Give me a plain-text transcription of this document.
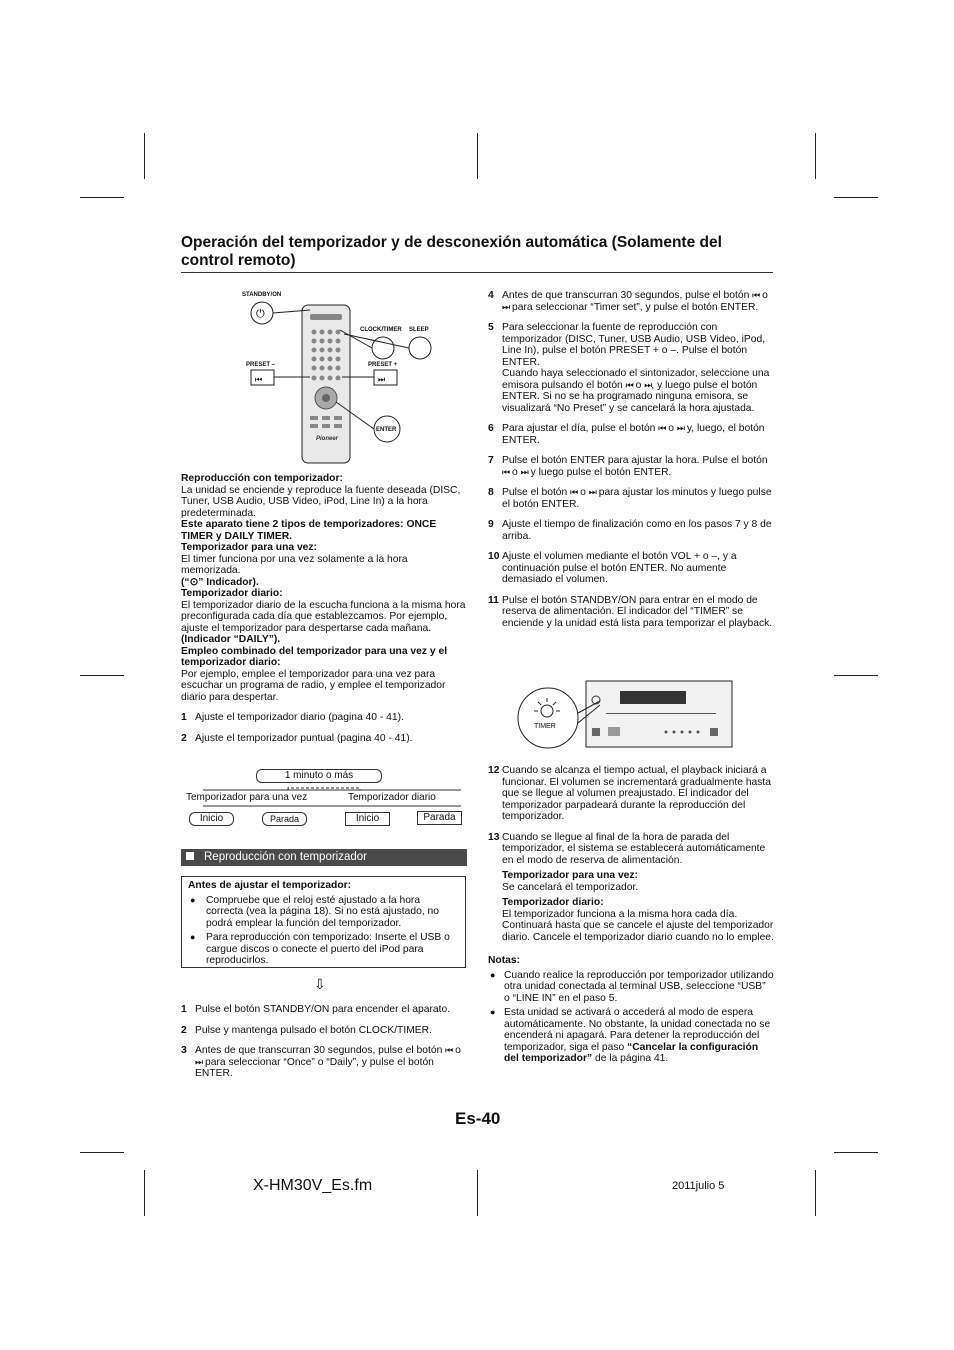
Operación del temporizador y de desconexión automática (Solamente del control remoto)
Pioneer
⏻
⏮	⏭
STANDBY/ON
CLOCK/TIMER SLEEP
PRESET –	PRESET +
ENTER

Reproducción con temporizador:

La unidad se enciende y reproduce la fuente deseada (DISC, Tuner, USB Audio, USB Video, iPod, Line In) a la hora predeterminada.

Este aparato tiene 2 tipos de temporizadores: ONCE TIMER y DAILY TIMER.

Temporizador para una vez:

El timer funciona por una vez solamente a la hora memorizada.

(“⊙” Indicador).

Temporizador diario:

El temporizador diario de la escucha funciona a la misma hora preconfigurada cada día que establezcamos. Por ejemplo, ajuste el temporizador para despertarse cada mañana.

(Indicador “DAILY”).

Empleo combinado del temporizador para una vez y el temporizador diario:

Por ejemplo, emplee el temporizador para una vez para escuchar un programa de radio, y emplee el temporizador diario para despertar.

1 Ajuste el temporizador diario (pagina 40 - 41).
2 Ajuste el temporizador puntual (pagina 40 - 41).
1 minuto o más
Temporizador para una vez	Temporizador diario
Inicio	Parada	Inicio	Parada
Reproducción con temporizador

Antes de ajustar el temporizador:

● Compruebe que el reloj esté ajustado a la hora correcta (vea la página 18). Si no está ajustado, no podrá emplear la función del temporizador.
● Para reproducción con temporizado: Inserte el USB o cargue discos o conecte el puerto del iPod para reproducirlos.
⇩
1 Pulse el botón STANDBY/ON para encender el aparato.
2 Pulse y mantenga pulsado el botón CLOCK/TIMER.
3 Antes de que transcurran 30 segundos, pulse el botón ⏮ o ⏭ para seleccionar “Once” o “Daily”, y pulse el botón ENTER.
4 Antes de que transcurran 30 segundos, pulse el botón ⏮ o ⏭ para seleccionar “Timer set”, y pulse el botón ENTER.
5 Para seleccionar la fuente de reproducción con temporizador (DISC, Tuner, USB Audio, USB Video, iPod, Line In), pulse el botón PRESET + o –. Pulse el botón ENTER.
Cuando haya seleccionado el sintonizador, seleccione una emisora pulsando el botón ⏮ o ⏭, y luego pulse el botón ENTER. Si no se ha programado ninguna emisora, se visualizará “No Preset” y se cancelará la hora ajustada.
6 Para ajustar el día, pulse el botón ⏮ o ⏭ y, luego, el botón ENTER.
7 Pulse el botón ENTER para ajustar la hora. Pulse el botón ⏮ o ⏭ y luego pulse el botón ENTER.
8 Pulse el botón ⏮ o ⏭ para ajustar los minutos y luego pulse el botón ENTER.
9 Ajuste el tiempo de finalización como en los pasos 7 y 8 de arriba.
10 Ajuste el volumen mediante el botón VOL + o –, y a continuación pulse el botón ENTER. No aumente demasiado el volumen.
11 Pulse el botón STANDBY/ON para entrar en el modo de reserva de alimentación. El indicador del “TIMER” se enciende y la unidad está lista para temporizar el playback.
TIMER
12 Cuando se alcanza el tiempo actual, el playback iniciará a funcionar. El volumen se incrementará gradualmente hasta que se llegue al volumen preajustado. El indicador del temporizador parpadeará durante la reproducción del temporizador.
13 Cuando se llegue al final de la hora de parada del temporizador, el sistema se establecerá automáticamente en el modo de reserva de alimentación.

Temporizador para una vez:

Se cancelará el temporizador.

Temporizador diario:

El temporizador funciona a la misma hora cada día. Continuará hasta que se cancele el ajuste del temporizador diario. Cancele el temporizador diario cuando no lo emplee.

Notas:

● Cuando realice la reproducción por temporizador utilizando otra unidad conectada al terminal USB, seleccione “USB” o “LINE IN” en el paso 5.
● Esta unidad se activará o accederá al modo de espera automáticamente. No obstante, la unidad conectada no se encenderá ni apagará. Para detener la reproducción del temporizador, siga el paso “Cancelar la configuración del temporizador” de la página 41.
Es-40
X-HM30V_Es.fm	2011julio 5
